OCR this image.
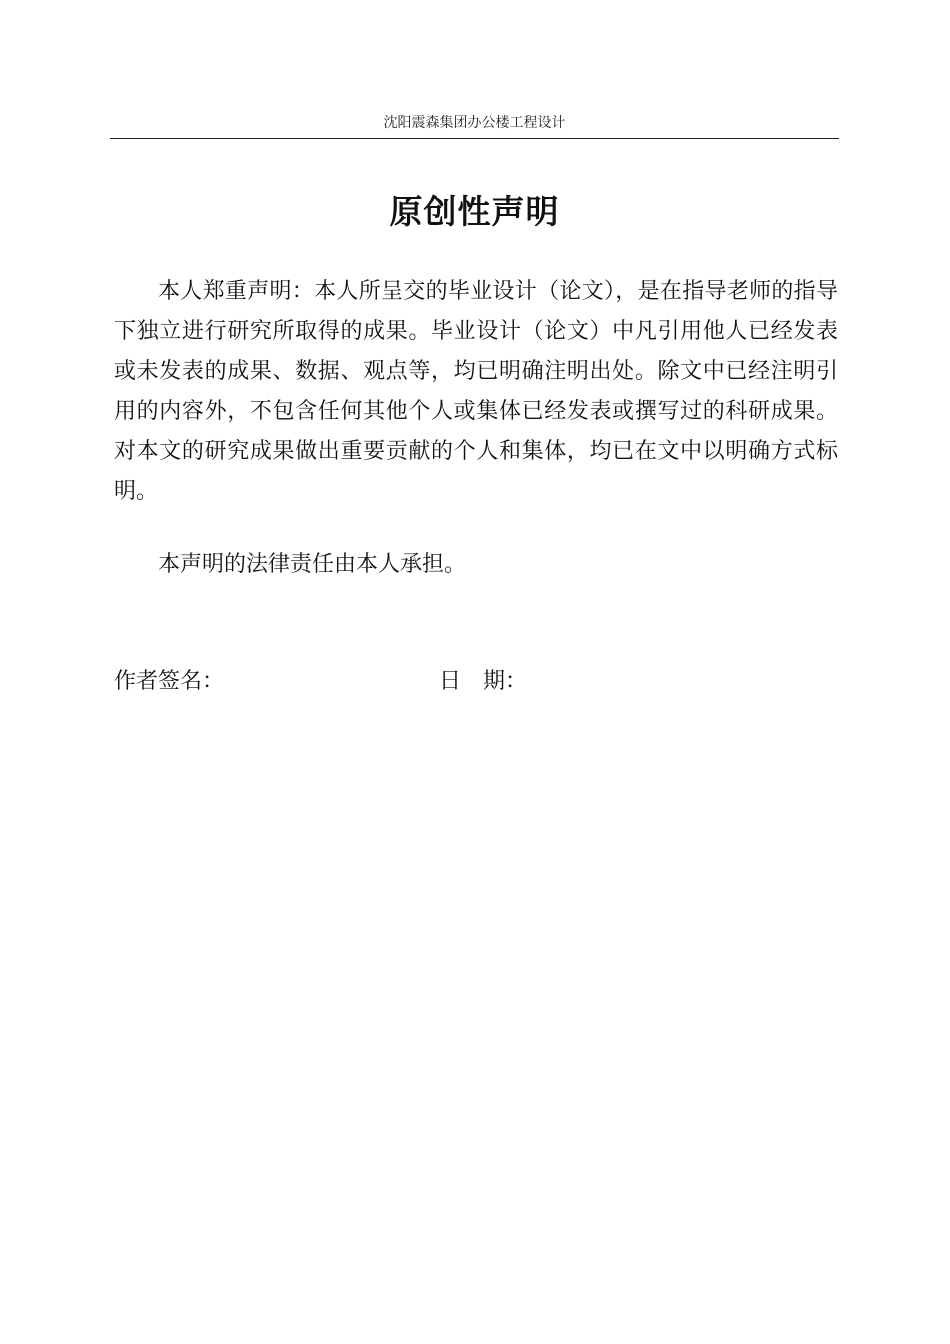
沈阳震森集团办公楼工程设计
原创性声明

本人郑重声明：本人所呈交的毕业设计（论文），是在指导老师的指导下独立进行研究所取得的成果。毕业设计（论文）中凡引用他人已经发表或未发表的成果、数据、观点等，均已明确注明出处。除文中已经注明引用的内容外，不包含任何其他个人或集体已经发表或撰写过的科研成果。对本文的研究成果做出重要贡献的个人和集体，均已在文中以明确方式标明。

本声明的法律责任由本人承担。

作者签名：	日　期：
